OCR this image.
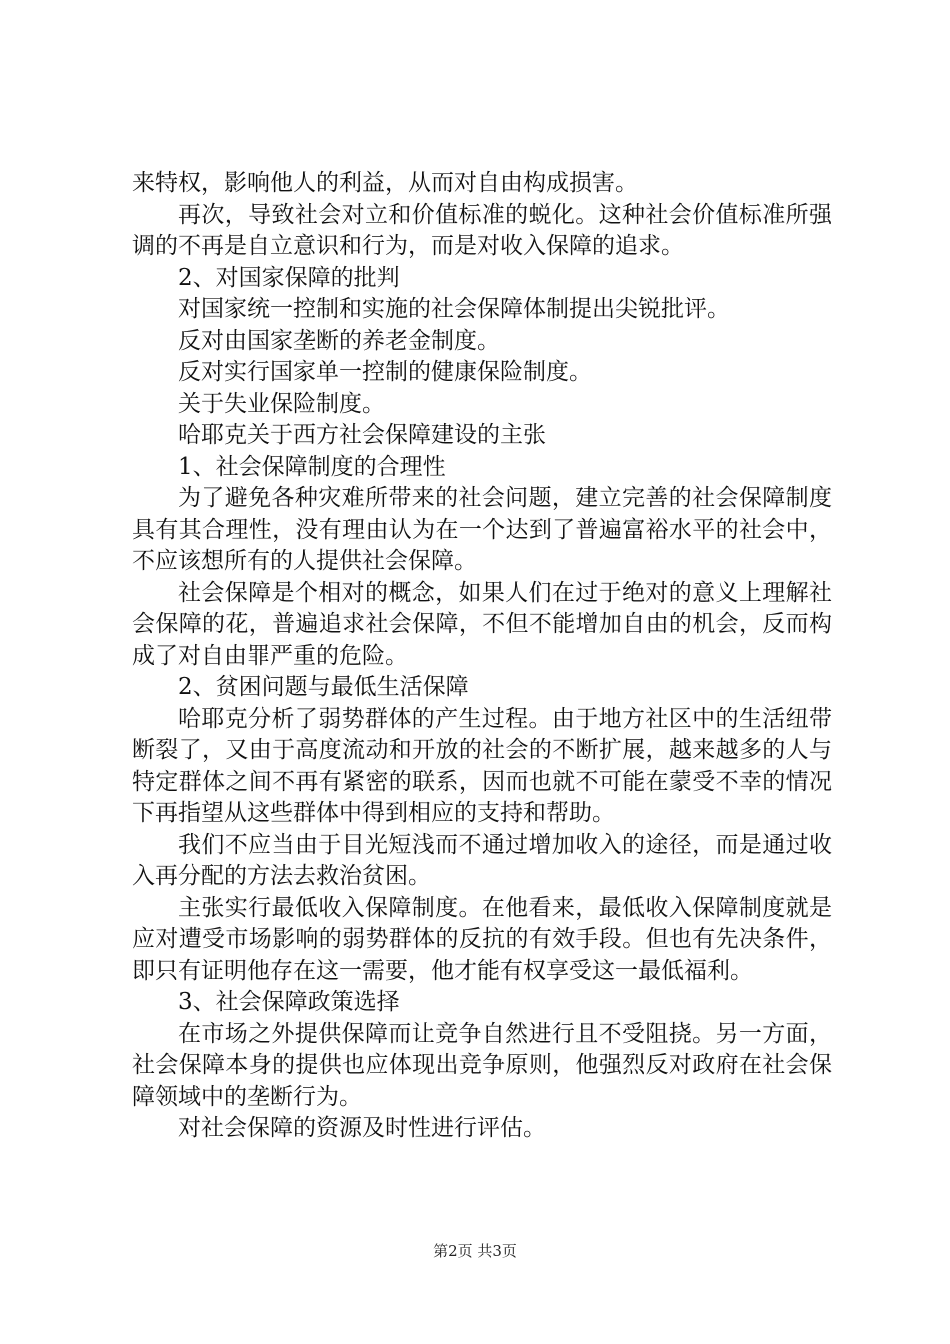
来特权，影响他人的利益，从而对自由构成损害。

再次，导致社会对立和价值标准的蜕化。这种社会价值标准所强调的不再是自立意识和行为，而是对收入保障的追求。

2、对国家保障的批判

对国家统一控制和实施的社会保障体制提出尖锐批评。

反对由国家垄断的养老金制度。

反对实行国家单一控制的健康保险制度。

关于失业保险制度。

哈耶克关于西方社会保障建设的主张

1、社会保障制度的合理性

为了避免各种灾难所带来的社会问题，建立完善的社会保障制度具有其合理性，没有理由认为在一个达到了普遍富裕水平的社会中，不应该想所有的人提供社会保障。

社会保障是个相对的概念，如果人们在过于绝对的意义上理解社会保障的花，普遍追求社会保障，不但不能增加自由的机会，反而构成了对自由罪严重的危险。

2、贫困问题与最低生活保障

哈耶克分析了弱势群体的产生过程。由于地方社区中的生活纽带断裂了，又由于高度流动和开放的社会的不断扩展，越来越多的人与特定群体之间不再有紧密的联系，因而也就不可能在蒙受不幸的情况下再指望从这些群体中得到相应的支持和帮助。

我们不应当由于目光短浅而不通过增加收入的途径，而是通过收入再分配的方法去救治贫困。

主张实行最低收入保障制度。在他看来，最低收入保障制度就是应对遭受市场影响的弱势群体的反抗的有效手段。但也有先决条件，即只有证明他存在这一需要，他才能有权享受这一最低福利。

3、社会保障政策选择

在市场之外提供保障而让竞争自然进行且不受阻挠。另一方面，社会保障本身的提供也应体现出竞争原则，他强烈反对政府在社会保障领域中的垄断行为。

对社会保障的资源及时性进行评估。

第2页 共3页
